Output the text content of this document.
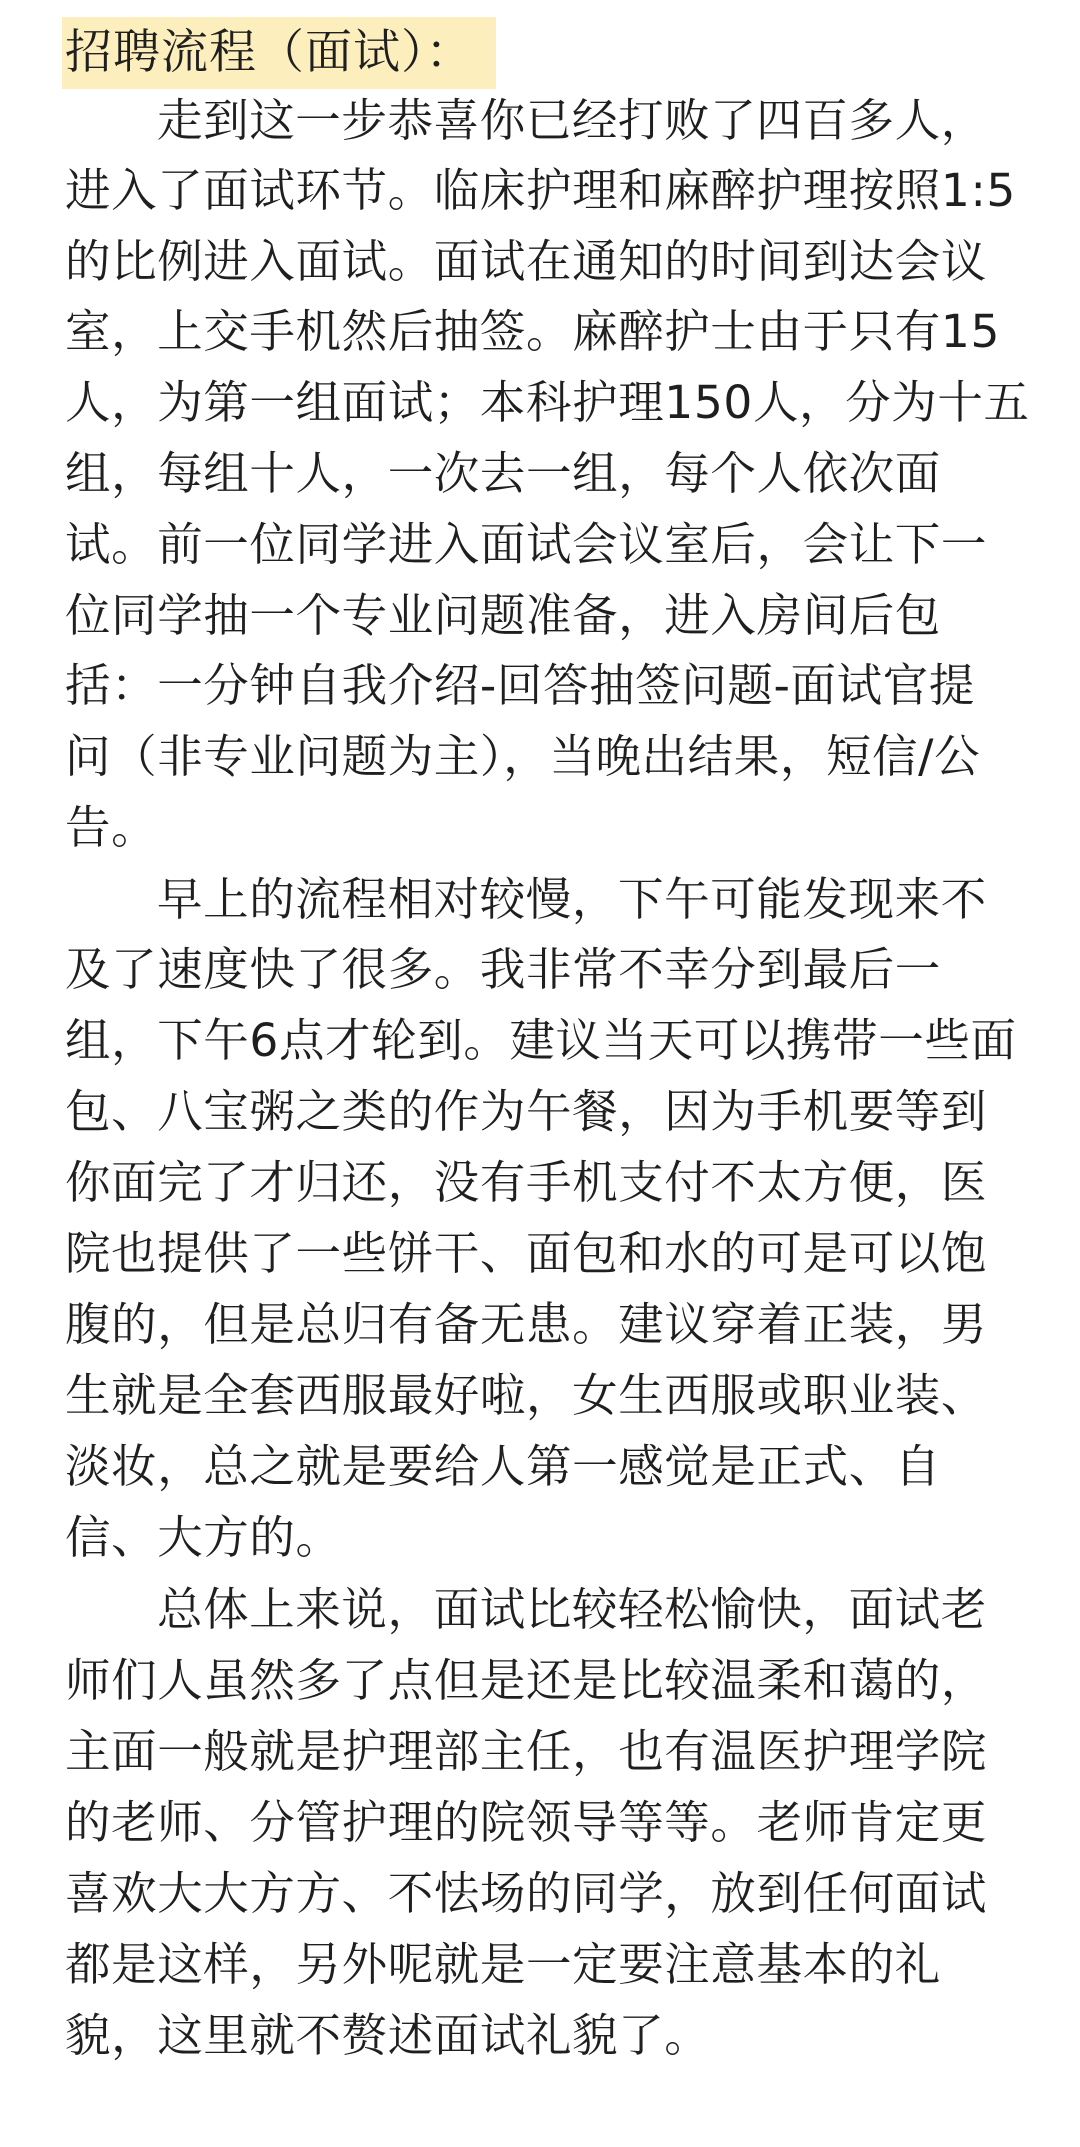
招聘流程（面试）：
走到这一步恭喜你已经打败了四百多人，
进入了面试环节。临床护理和麻醉护理按照1:5
的比例进入面试。面试在通知的时间到达会议
室，上交手机然后抽签。麻醉护士由于只有15
人，为第一组面试；本科护理150人，分为十五
组，每组十人，一次去一组，每个人依次面
试。前一位同学进入面试会议室后，会让下一
位同学抽一个专业问题准备，进入房间后包
括：一分钟自我介绍-回答抽签问题-面试官提
问（非专业问题为主），当晚出结果，短信/公
告。
早上的流程相对较慢，下午可能发现来不
及了速度快了很多。我非常不幸分到最后一
组，下午6点才轮到。建议当天可以携带一些面
包、八宝粥之类的作为午餐，因为手机要等到
你面完了才归还，没有手机支付不太方便，医
院也提供了一些饼干、面包和水的可是可以饱
腹的，但是总归有备无患。建议穿着正装，男
生就是全套西服最好啦，女生西服或职业装、
淡妆，总之就是要给人第一感觉是正式、自
信、大方的。
总体上来说，面试比较轻松愉快，面试老
师们人虽然多了点但是还是比较温柔和蔼的，
主面一般就是护理部主任，也有温医护理学院
的老师、分管护理的院领导等等。老师肯定更
喜欢大大方方、不怯场的同学，放到任何面试
都是这样，另外呢就是一定要注意基本的礼
貌，这里就不赘述面试礼貌了。
